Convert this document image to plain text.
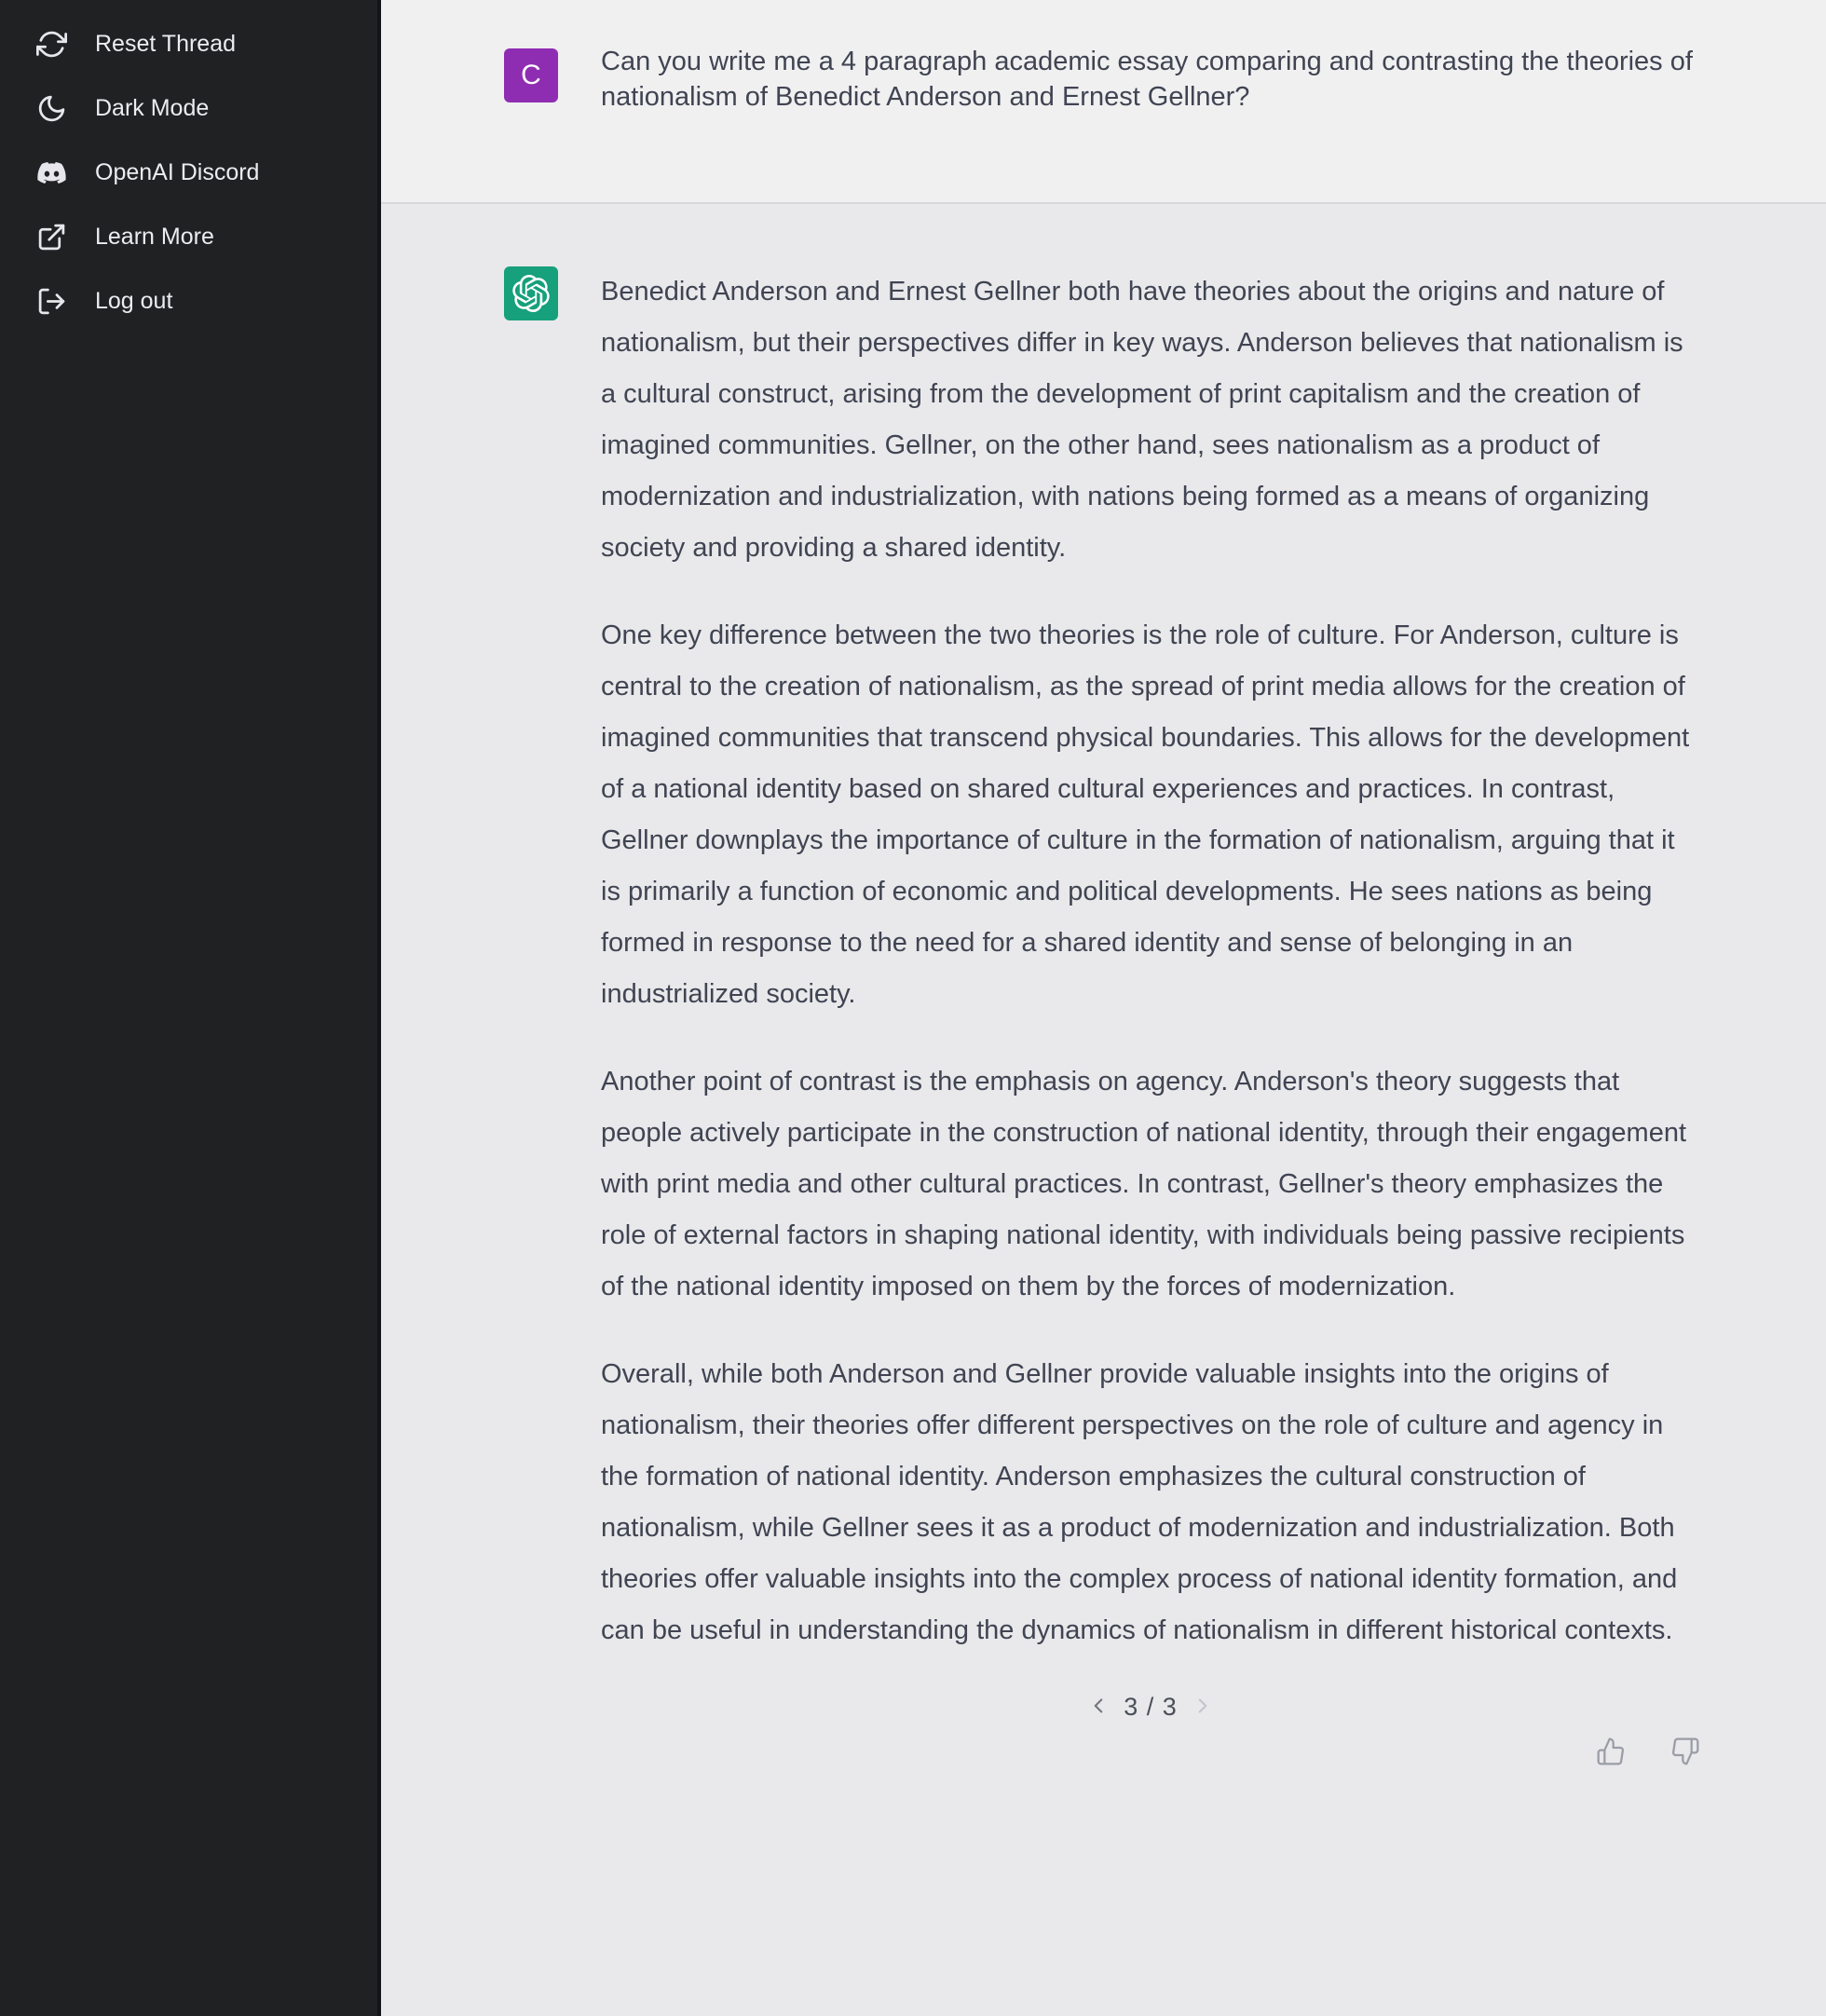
Reset Thread
Dark Mode
OpenAI Discord
Learn More
Log out
C Can you write me a 4 paragraph academic essay comparing and contrasting the theories of nationalism of Benedict Anderson and Ernest Gellner?

Benedict Anderson and Ernest Gellner both have theories about the origins and nature of nationalism, but their perspectives differ in key ways. Anderson believes that nationalism is a cultural construct, arising from the development of print capitalism and the creation of imagined communities. Gellner, on the other hand, sees nationalism as a product of modernization and industrialization, with nations being formed as a means of organizing society and providing a shared identity.

One key difference between the two theories is the role of culture. For Anderson, culture is central to the creation of nationalism, as the spread of print media allows for the creation of imagined communities that transcend physical boundaries. This allows for the development of a national identity based on shared cultural experiences and practices. In contrast, Gellner downplays the importance of culture in the formation of nationalism, arguing that it is primarily a function of economic and political developments. He sees nations as being formed in response to the need for a shared identity and sense of belonging in an industrialized society.

Another point of contrast is the emphasis on agency. Anderson's theory suggests that people actively participate in the construction of national identity, through their engagement with print media and other cultural practices. In contrast, Gellner's theory emphasizes the role of external factors in shaping national identity, with individuals being passive recipients of the national identity imposed on them by the forces of modernization.

Overall, while both Anderson and Gellner provide valuable insights into the origins of nationalism, their theories offer different perspectives on the role of culture and agency in the formation of national identity. Anderson emphasizes the cultural construction of nationalism, while Gellner sees it as a product of modernization and industrialization. Both theories offer valuable insights into the complex process of national identity formation, and can be useful in understanding the dynamics of nationalism in different historical contexts.

3 / 3
